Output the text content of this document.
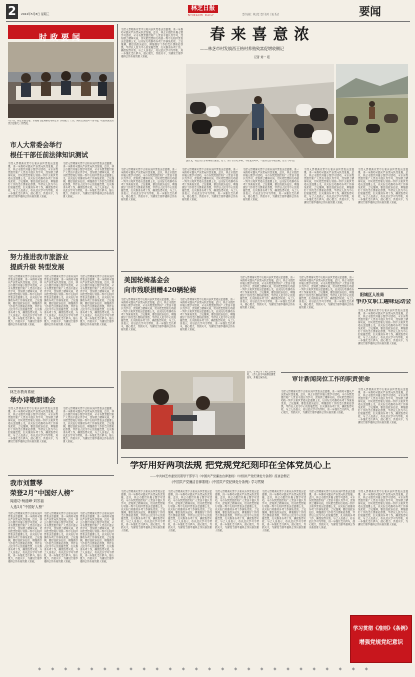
2	2024年5月8日 星期三
林芝日报
NYINGCHI DAILY	责任编辑：林芝报 责任校对 美编 版式	要闻
时政要闻
5月7日，林芝市委常委、市委秘书长调研指导林芝市“乡村振兴”工作，同时走访慰问一线干部，听取各级党组织汇报相关工作情况。
市人大常委会举行
根任干部任前法律知识测试
为深入贯彻落实党中央和自治区党委决策部署，进一步推动全面从严治党向纵深发展，近日，林芝市组织开展专题学习活动，全市各级党组织和广大党员干部认真学习，深刻领会精神实质，切实把思想和行动统一到中央和区党委决策部署上来，以实际行动推动各项工作落地见效。会议强调，要提高政治站位，增强做好工作的责任感和使命感，坚持以人民为中心的发展思想，扎实推进各项工作，确保取得实效。与会人员表示，将以此次学习为契机，进一步强化责任担当，凝心聚力，真抓实干，为建设美丽幸福林芝作出新的更大贡献。
为深入贯彻落实党中央和自治区党委决策部署，进一步推动全面从严治党向纵深发展，近日，林芝市组织开展专题学习活动，全市各级党组织和广大党员干部认真学习，深刻领会精神实质，切实把思想和行动统一到中央和区党委决策部署上来，以实际行动推动各项工作落地见效。会议强调，要提高政治站位，增强做好工作的责任感和使命感，坚持以人民为中心的发展思想，扎实推进各项工作，确保取得实效。与会人员表示，将以此次学习为契机，进一步强化责任担当，凝心聚力，真抓实干，为建设美丽幸福林芝作出新的更大贡献。
努力推进我市旅游业
提质升级 转型发展
为深入贯彻落实党中央和自治区党委决策部署，进一步推动全面从严治党向纵深发展，近日，林芝市组织开展专题学习活动，全市各级党组织和广大党员干部认真学习，深刻领会精神实质，切实把思想和行动统一到中央和区党委决策部署上来，以实际行动推动各项工作落地见效。会议强调，要提高政治站位，增强做好工作的责任感和使命感，坚持以人民为中心的发展思想，扎实推进各项工作，确保取得实效。与会人员表示，将以此次学习为契机，进一步强化责任担当，凝心聚力，真抓实干，为建设美丽幸福林芝作出新的更大贡献。
为深入贯彻落实党中央和自治区党委决策部署，进一步推动全面从严治党向纵深发展，近日，林芝市组织开展专题学习活动，全市各级党组织和广大党员干部认真学习，深刻领会精神实质，切实把思想和行动统一到中央和区党委决策部署上来，以实际行动推动各项工作落地见效。会议强调，要提高政治站位，增强做好工作的责任感和使命感，坚持以人民为中心的发展思想，扎实推进各项工作，确保取得实效。与会人员表示，将以此次学习为契机，进一步强化责任担当，凝心聚力，真抓实干，为建设美丽幸福林芝作出新的更大贡献。
为深入贯彻落实党中央和自治区党委决策部署，进一步推动全面从严治党向纵深发展，近日，林芝市组织开展专题学习活动，全市各级党组织和广大党员干部认真学习，深刻领会精神实质，切实把思想和行动统一到中央和区党委决策部署上来，以实际行动推动各项工作落地见效。会议强调，要提高政治站位，增强做好工作的责任感和使命感，坚持以人民为中心的发展思想，扎实推进各项工作，确保取得实效。与会人员表示，将以此次学习为契机，进一步强化责任担当，凝心聚力，真抓实干，为建设美丽幸福林芝作出新的更大贡献。
林芝市教育系统
举办诗歌朗诵会
为深入贯彻落实党中央和自治区党委决策部署，进一步推动全面从严治党向纵深发展，近日，林芝市组织开展专题学习活动，全市各级党组织和广大党员干部认真学习，深刻领会精神实质，切实把思想和行动统一到中央和区党委决策部署上来，以实际行动推动各项工作落地见效。会议强调，要提高政治站位，增强做好工作的责任感和使命感，坚持以人民为中心的发展思想，扎实推进各项工作，确保取得实效。与会人员表示，将以此次学习为契机，进一步强化责任担当，凝心聚力，真抓实干，为建设美丽幸福林芝作出新的更大贡献。
为深入贯彻落实党中央和自治区党委决策部署，进一步推动全面从严治党向纵深发展，近日，林芝市组织开展专题学习活动，全市各级党组织和广大党员干部认真学习，深刻领会精神实质，切实把思想和行动统一到中央和区党委决策部署上来，以实际行动推动各项工作落地见效。会议强调，要提高政治站位，增强做好工作的责任感和使命感，坚持以人民为中心的发展思想，扎实推进各项工作，确保取得实效。与会人员表示，将以此次学习为契机，进一步强化责任担当，凝心聚力，真抓实干，为建设美丽幸福林芝作出新的更大贡献。
我市刘慧琴
荣登2月“中国好人榜”
闻道功·杨道峰·刘芳福
入选1月“中国好人榜”
为深入贯彻落实党中央和自治区党委决策部署，进一步推动全面从严治党向纵深发展，近日，林芝市组织开展专题学习活动，全市各级党组织和广大党员干部认真学习，深刻领会精神实质，切实把思想和行动统一到中央和区党委决策部署上来，以实际行动推动各项工作落地见效。会议强调，要提高政治站位，增强做好工作的责任感和使命感，坚持以人民为中心的发展思想，扎实推进各项工作，确保取得实效。与会人员表示，将以此次学习为契机，进一步强化责任担当，凝心聚力，真抓实干，为建设美丽幸福林芝作出新的更大贡献。
为深入贯彻落实党中央和自治区党委决策部署，进一步推动全面从严治党向纵深发展，近日，林芝市组织开展专题学习活动，全市各级党组织和广大党员干部认真学习，深刻领会精神实质，切实把思想和行动统一到中央和区党委决策部署上来，以实际行动推动各项工作落地见效。会议强调，要提高政治站位，增强做好工作的责任感和使命感，坚持以人民为中心的发展思想，扎实推进各项工作，确保取得实效。与会人员表示，将以此次学习为契机，进一步强化责任担当，凝心聚力，真抓实干，为建设美丽幸福林芝作出新的更大贡献。
为深入贯彻落实党中央和自治区党委决策部署，进一步推动全面从严治党向纵深发展，近日，林芝市组织开展专题学习活动，全市各级党组织和广大党员干部认真学习，深刻领会精神实质，切实把思想和行动统一到中央和区党委决策部署上来，以实际行动推动各项工作落地见效。会议强调，要提高政治站位，增强做好工作的责任感和使命感，坚持以人民为中心的发展思想，扎实推进各项工作，确保取得实效。与会人员表示，将以此次学习为契机，进一步强化责任担当，凝心聚力，真抓实干，为建设美丽幸福林芝作出新的更大贡献。
春来喜意浓
——林芝市村发镇西王格村养殖致富促增收侧记
记者 刘一 报
为深入贯彻落实党中央和自治区党委决策部署，进一步推动全面从严治党向纵深发展，近日，林芝市组织开展专题学习活动，全市各级党组织和广大党员干部认真学习，深刻领会精神实质，切实把思想和行动统一到中央和区党委决策部署上来，以实际行动推动各项工作落地见效。会议强调，要提高政治站位，增强做好工作的责任感和使命感，坚持以人民为中心的发展思想，扎实推进各项工作，确保取得实效。与会人员表示，将以此次学习为契机，进一步强化责任担当，凝心聚力，真抓实干，为建设美丽幸福林芝作出新的更大贡献。
连日来，村民正在养殖场内忙碌着，牦牛、奶牛正在吃草料，不时发出叫声，一派喜人的丰收景象。记者 李冬 摄
为深入贯彻落实党中央和自治区党委决策部署，进一步推动全面从严治党向纵深发展，近日，林芝市组织开展专题学习活动，全市各级党组织和广大党员干部认真学习，深刻领会精神实质，切实把思想和行动统一到中央和区党委决策部署上来，以实际行动推动各项工作落地见效。会议强调，要提高政治站位，增强做好工作的责任感和使命感，坚持以人民为中心的发展思想，扎实推进各项工作，确保取得实效。与会人员表示，将以此次学习为契机，进一步强化责任担当，凝心聚力，真抓实干，为建设美丽幸福林芝作出新的更大贡献。
为深入贯彻落实党中央和自治区党委决策部署，进一步推动全面从严治党向纵深发展，近日，林芝市组织开展专题学习活动，全市各级党组织和广大党员干部认真学习，深刻领会精神实质，切实把思想和行动统一到中央和区党委决策部署上来，以实际行动推动各项工作落地见效。会议强调，要提高政治站位，增强做好工作的责任感和使命感，坚持以人民为中心的发展思想，扎实推进各项工作，确保取得实效。与会人员表示，将以此次学习为契机，进一步强化责任担当，凝心聚力，真抓实干，为建设美丽幸福林芝作出新的更大贡献。
为深入贯彻落实党中央和自治区党委决策部署，进一步推动全面从严治党向纵深发展，近日，林芝市组织开展专题学习活动，全市各级党组织和广大党员干部认真学习，深刻领会精神实质，切实把思想和行动统一到中央和区党委决策部署上来，以实际行动推动各项工作落地见效。会议强调，要提高政治站位，增强做好工作的责任感和使命感，坚持以人民为中心的发展思想，扎实推进各项工作，确保取得实效。与会人员表示，将以此次学习为契机，进一步强化责任担当，凝心聚力，真抓实干，为建设美丽幸福林芝作出新的更大贡献。
为深入贯彻落实党中央和自治区党委决策部署，进一步推动全面从严治党向纵深发展，近日，林芝市组织开展专题学习活动，全市各级党组织和广大党员干部认真学习，深刻领会精神实质，切实把思想和行动统一到中央和区党委决策部署上来，以实际行动推动各项工作落地见效。会议强调，要提高政治站位，增强做好工作的责任感和使命感，坚持以人民为中心的发展思想，扎实推进各项工作，确保取得实效。与会人员表示，将以此次学习为契机，进一步强化责任担当，凝心聚力，真抓实干，为建设美丽幸福林芝作出新的更大贡献。
为深入贯彻落实党中央和自治区党委决策部署，进一步推动全面从严治党向纵深发展，近日，林芝市组织开展专题学习活动，全市各级党组织和广大党员干部认真学习，深刻领会精神实质，切实把思想和行动统一到中央和区党委决策部署上来，以实际行动推动各项工作落地见效。会议强调，要提高政治站位，增强做好工作的责任感和使命感，坚持以人民为中心的发展思想，扎实推进各项工作，确保取得实效。与会人员表示，将以此次学习为契机，进一步强化责任担当，凝心聚力，真抓实干，为建设美丽幸福林芝作出新的更大贡献。
美国轮椅基金会
向市残联捐赠420辆轮椅
为深入贯彻落实党中央和自治区党委决策部署，进一步推动全面从严治党向纵深发展，近日，林芝市组织开展专题学习活动，全市各级党组织和广大党员干部认真学习，深刻领会精神实质，切实把思想和行动统一到中央和区党委决策部署上来，以实际行动推动各项工作落地见效。会议强调，要提高政治站位，增强做好工作的责任感和使命感，坚持以人民为中心的发展思想，扎实推进各项工作，确保取得实效。与会人员表示，将以此次学习为契机，进一步强化责任担当，凝心聚力，真抓实干，为建设美丽幸福林芝作出新的更大贡献。
为深入贯彻落实党中央和自治区党委决策部署，进一步推动全面从严治党向纵深发展，近日，林芝市组织开展专题学习活动，全市各级党组织和广大党员干部认真学习，深刻领会精神实质，切实把思想和行动统一到中央和区党委决策部署上来，以实际行动推动各项工作落地见效。会议强调，要提高政治站位，增强做好工作的责任感和使命感，坚持以人民为中心的发展思想，扎实推进各项工作，确保取得实效。与会人员表示，将以此次学习为契机，进一步强化责任担当，凝心聚力，真抓实干，为建设美丽幸福林芝作出新的更大贡献。
为深入贯彻落实党中央和自治区党委决策部署，进一步推动全面从严治党向纵深发展，近日，林芝市组织开展专题学习活动，全市各级党组织和广大党员干部认真学习，深刻领会精神实质，切实把思想和行动统一到中央和区党委决策部署上来，以实际行动推动各项工作落地见效。会议强调，要提高政治站位，增强做好工作的责任感和使命感，坚持以人民为中心的发展思想，扎实推进各项工作，确保取得实效。与会人员表示，将以此次学习为契机，进一步强化责任担当，凝心聚力，真抓实干，为建设美丽幸福林芝作出新的更大贡献。
为深入贯彻落实党中央和自治区党委决策部署，进一步推动全面从严治党向纵深发展，近日，林芝市组织开展专题学习活动，全市各级党组织和广大党员干部认真学习，深刻领会精神实质，切实把思想和行动统一到中央和区党委决策部署上来，以实际行动推动各项工作落地见效。会议强调，要提高政治站位，增强做好工作的责任感和使命感，坚持以人民为中心的发展思想，扎实推进各项工作，确保取得实效。与会人员表示，将以此次学习为契机，进一步强化责任担当，凝心聚力，真抓实干，为建设美丽幸福林芝作出新的更大贡献。
阳城区人社局
争办女职工趣味运动会
为深入贯彻落实党中央和自治区党委决策部署，进一步推动全面从严治党向纵深发展，近日，林芝市组织开展专题学习活动，全市各级党组织和广大党员干部认真学习，深刻领会精神实质，切实把思想和行动统一到中央和区党委决策部署上来，以实际行动推动各项工作落地见效。会议强调，要提高政治站位，增强做好工作的责任感和使命感，坚持以人民为中心的发展思想，扎实推进各项工作，确保取得实效。与会人员表示，将以此次学习为契机，进一步强化责任担当，凝心聚力，真抓实干，为建设美丽幸福林芝作出新的更大贡献。
近日，在林芝市工布江达县某村，工作人员为当地群众测量血压，开展义诊活动。
为深入贯彻落实党中央和自治区党委决策部署，进一步推动全面从严治党向纵深发展，近日，林芝市组织开展专题学习活动，全市各级党组织和广大党员干部认真学习，深刻领会精神实质，切实把思想和行动统一到中央和区党委决策部署上来，以实际行动推动各项工作落地见效。会议强调，要提高政治站位，增强做好工作的责任感和使命感，坚持以人民为中心的发展思想，扎实推进各项工作，确保取得实效。与会人员表示，将以此次学习为契机，进一步强化责任担当，凝心聚力，真抓实干，为建设美丽幸福林芝作出新的更大贡献。
审计新闻岗位工作的职责使命
为深入贯彻落实党中央和自治区党委决策部署，进一步推动全面从严治党向纵深发展，近日，林芝市组织开展专题学习活动，全市各级党组织和广大党员干部认真学习，深刻领会精神实质，切实把思想和行动统一到中央和区党委决策部署上来，以实际行动推动各项工作落地见效。会议强调，要提高政治站位，增强做好工作的责任感和使命感，坚持以人民为中心的发展思想，扎实推进各项工作，确保取得实效。与会人员表示，将以此次学习为契机，进一步强化责任担当，凝心聚力，真抓实干，为建设美丽幸福林芝作出新的更大贡献。
学好用好两项法规 把党规党纪刻印在全体党员心上
——中共林芝市委党员领导干部学习《中国共产党廉洁自律准则》《中国共产党纪律处分条例》座谈会侧记
《中国共产党廉洁自律准则》《中国共产党纪律处分条例》学习贯彻
为深入贯彻落实党中央和自治区党委决策部署，进一步推动全面从严治党向纵深发展，近日，林芝市组织开展专题学习活动，全市各级党组织和广大党员干部认真学习，深刻领会精神实质，切实把思想和行动统一到中央和区党委决策部署上来，以实际行动推动各项工作落地见效。会议强调，要提高政治站位，增强做好工作的责任感和使命感，坚持以人民为中心的发展思想，扎实推进各项工作，确保取得实效。与会人员表示，将以此次学习为契机，进一步强化责任担当，凝心聚力，真抓实干，为建设美丽幸福林芝作出新的更大贡献。
为深入贯彻落实党中央和自治区党委决策部署，进一步推动全面从严治党向纵深发展，近日，林芝市组织开展专题学习活动，全市各级党组织和广大党员干部认真学习，深刻领会精神实质，切实把思想和行动统一到中央和区党委决策部署上来，以实际行动推动各项工作落地见效。会议强调，要提高政治站位，增强做好工作的责任感和使命感，坚持以人民为中心的发展思想，扎实推进各项工作，确保取得实效。与会人员表示，将以此次学习为契机，进一步强化责任担当，凝心聚力，真抓实干，为建设美丽幸福林芝作出新的更大贡献。
为深入贯彻落实党中央和自治区党委决策部署，进一步推动全面从严治党向纵深发展，近日，林芝市组织开展专题学习活动，全市各级党组织和广大党员干部认真学习，深刻领会精神实质，切实把思想和行动统一到中央和区党委决策部署上来，以实际行动推动各项工作落地见效。会议强调，要提高政治站位，增强做好工作的责任感和使命感，坚持以人民为中心的发展思想，扎实推进各项工作，确保取得实效。与会人员表示，将以此次学习为契机，进一步强化责任担当，凝心聚力，真抓实干，为建设美丽幸福林芝作出新的更大贡献。
为深入贯彻落实党中央和自治区党委决策部署，进一步推动全面从严治党向纵深发展，近日，林芝市组织开展专题学习活动，全市各级党组织和广大党员干部认真学习，深刻领会精神实质，切实把思想和行动统一到中央和区党委决策部署上来，以实际行动推动各项工作落地见效。会议强调，要提高政治站位，增强做好工作的责任感和使命感，坚持以人民为中心的发展思想，扎实推进各项工作，确保取得实效。与会人员表示，将以此次学习为契机，进一步强化责任担当，凝心聚力，真抓实干，为建设美丽幸福林芝作出新的更大贡献。
为深入贯彻落实党中央和自治区党委决策部署，进一步推动全面从严治党向纵深发展，近日，林芝市组织开展专题学习活动，全市各级党组织和广大党员干部认真学习，深刻领会精神实质，切实把思想和行动统一到中央和区党委决策部署上来，以实际行动推动各项工作落地见效。会议强调，要提高政治站位，增强做好工作的责任感和使命感，坚持以人民为中心的发展思想，扎实推进各项工作，确保取得实效。与会人员表示，将以此次学习为契机，进一步强化责任担当，凝心聚力，真抓实干，为建设美丽幸福林芝作出新的更大贡献。
为深入贯彻落实党中央和自治区党委决策部署，进一步推动全面从严治党向纵深发展，近日，林芝市组织开展专题学习活动，全市各级党组织和广大党员干部认真学习，深刻领会精神实质，切实把思想和行动统一到中央和区党委决策部署上来，以实际行动推动各项工作落地见效。会议强调，要提高政治站位，增强做好工作的责任感和使命感，坚持以人民为中心的发展思想，扎实推进各项工作，确保取得实效。与会人员表示，将以此次学习为契机，进一步强化责任担当，凝心聚力，真抓实干，为建设美丽幸福林芝作出新的更大贡献。
学习贯彻《准则》《条例》
增强党规党纪意识
◆◆◆◆◆◆◆◆◆◆◆◆◆◆◆◆◆◆◆◆◆◆◆◆◆◆
